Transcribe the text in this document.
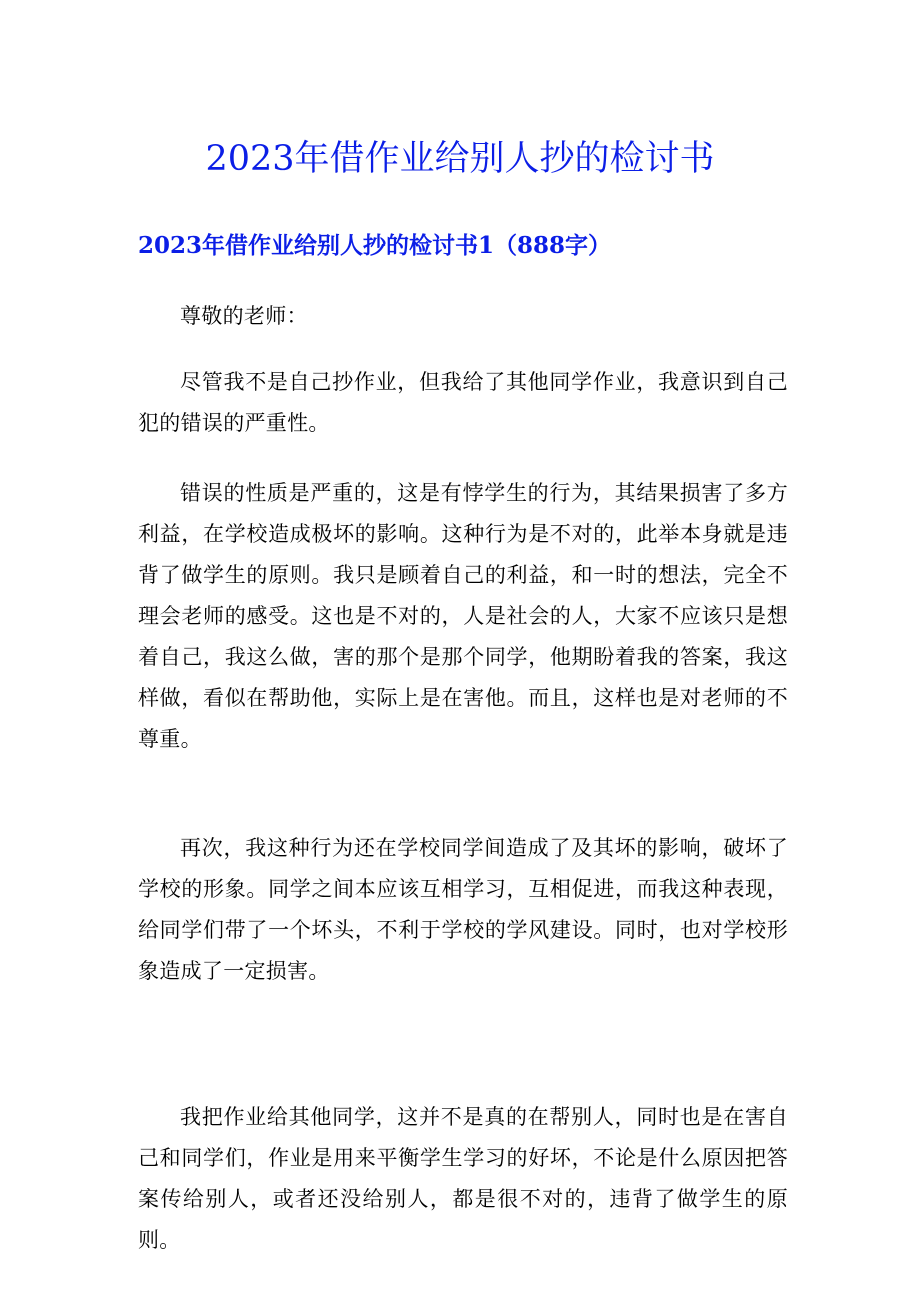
2023年借作业给别人抄的检讨书
2023年借作业给别人抄的检讨书1（888字）

尊敬的老师：

尽管我不是自己抄作业，但我给了其他同学作业，我意识到自己犯的错误的严重性。

错误的性质是严重的，这是有悖学生的行为，其结果损害了多方利益，在学校造成极坏的影响。这种行为是不对的，此举本身就是违背了做学生的原则。我只是顾着自己的利益，和一时的想法，完全不理会老师的感受。这也是不对的，人是社会的人，大家不应该只是想着自己，我这么做，害的那个是那个同学，他期盼着我的答案，我这样做，看似在帮助他，实际上是在害他。而且，这样也是对老师的不尊重。

再次，我这种行为还在学校同学间造成了及其坏的影响，破坏了学校的形象。同学之间本应该互相学习，互相促进，而我这种表现，给同学们带了一个坏头，不利于学校的学风建设。同时，也对学校形象造成了一定损害。

我把作业给其他同学，这并不是真的在帮别人，同时也是在害自己和同学们，作业是用来平衡学生学习的好坏，不论是什么原因把答案传给别人，或者还没给别人，都是很不对的，违背了做学生的原则。
